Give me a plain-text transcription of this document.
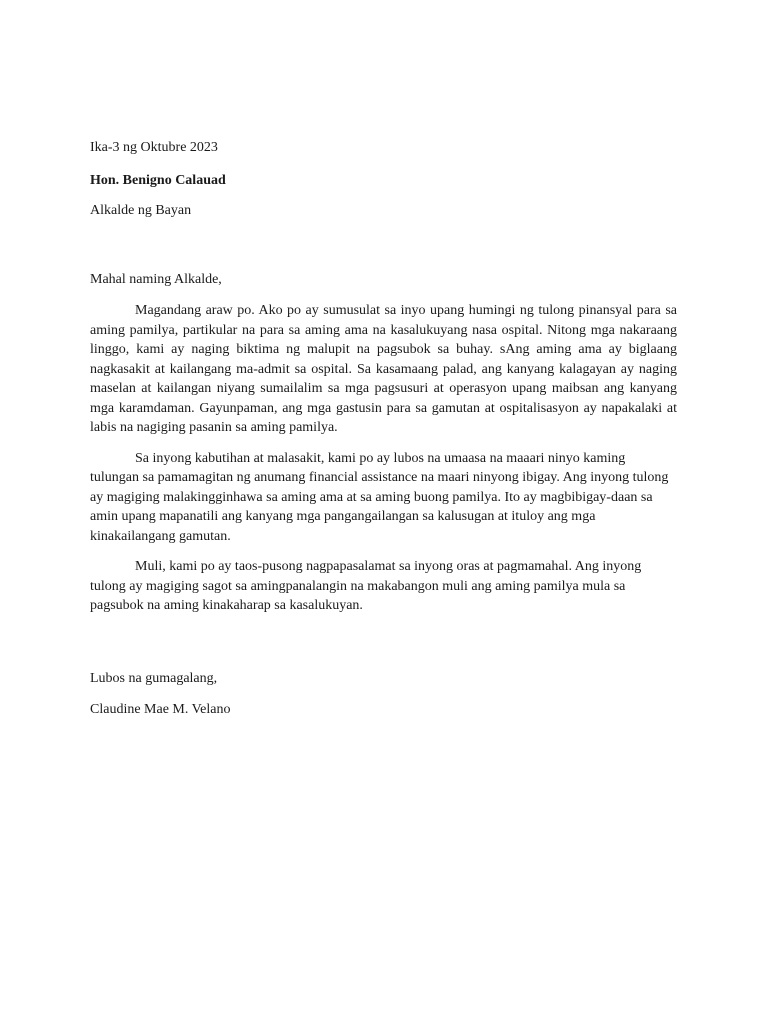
Ika-3 ng Oktubre 2023

Hon. Benigno Calauad

Alkalde ng Bayan

Mahal naming Alkalde,

Magandang araw po. Ako po ay sumusulat sa inyo upang humingi ng tulong pinansyal para sa aming pamilya, partikular na para sa aming ama na kasalukuyang nasa ospital. Nitong mga nakaraang linggo, kami ay naging biktima ng malupit na pagsubok sa buhay. sAng aming ama ay biglaang nagkasakit at kailangang ma-admit sa ospital. Sa kasamaang palad, ang kanyang kalagayan ay naging maselan at kailangan niyang sumailalim sa mga pagsusuri at operasyon upang maibsan ang kanyang mga karamdaman. Gayunpaman, ang mga gastusin para sa gamutan at ospitalisasyon ay napakalaki at labis na nagiging pasanin sa aming pamilya.

Sa inyong kabutihan at malasakit, kami po ay lubos na umaasa na maaari ninyo kaming tulungan sa pamamagitan ng anumang financial assistance na maari ninyong ibigay. Ang inyong tulong ay magiging malakingginhawa sa aming ama at sa aming buong pamilya. Ito ay magbibigay-daan sa amin upang mapanatili ang kanyang mga pangangailangan sa kalusugan at ituloy ang mga kinakailangang gamutan.

Muli, kami po ay taos-pusong nagpapasalamat sa inyong oras at pagmamahal. Ang inyong tulong ay magiging sagot sa amingpanalangin na makabangon muli ang aming pamilya mula sa pagsubok na aming kinakaharap sa kasalukuyan.

Lubos na gumagalang,

Claudine Mae M. Velano
